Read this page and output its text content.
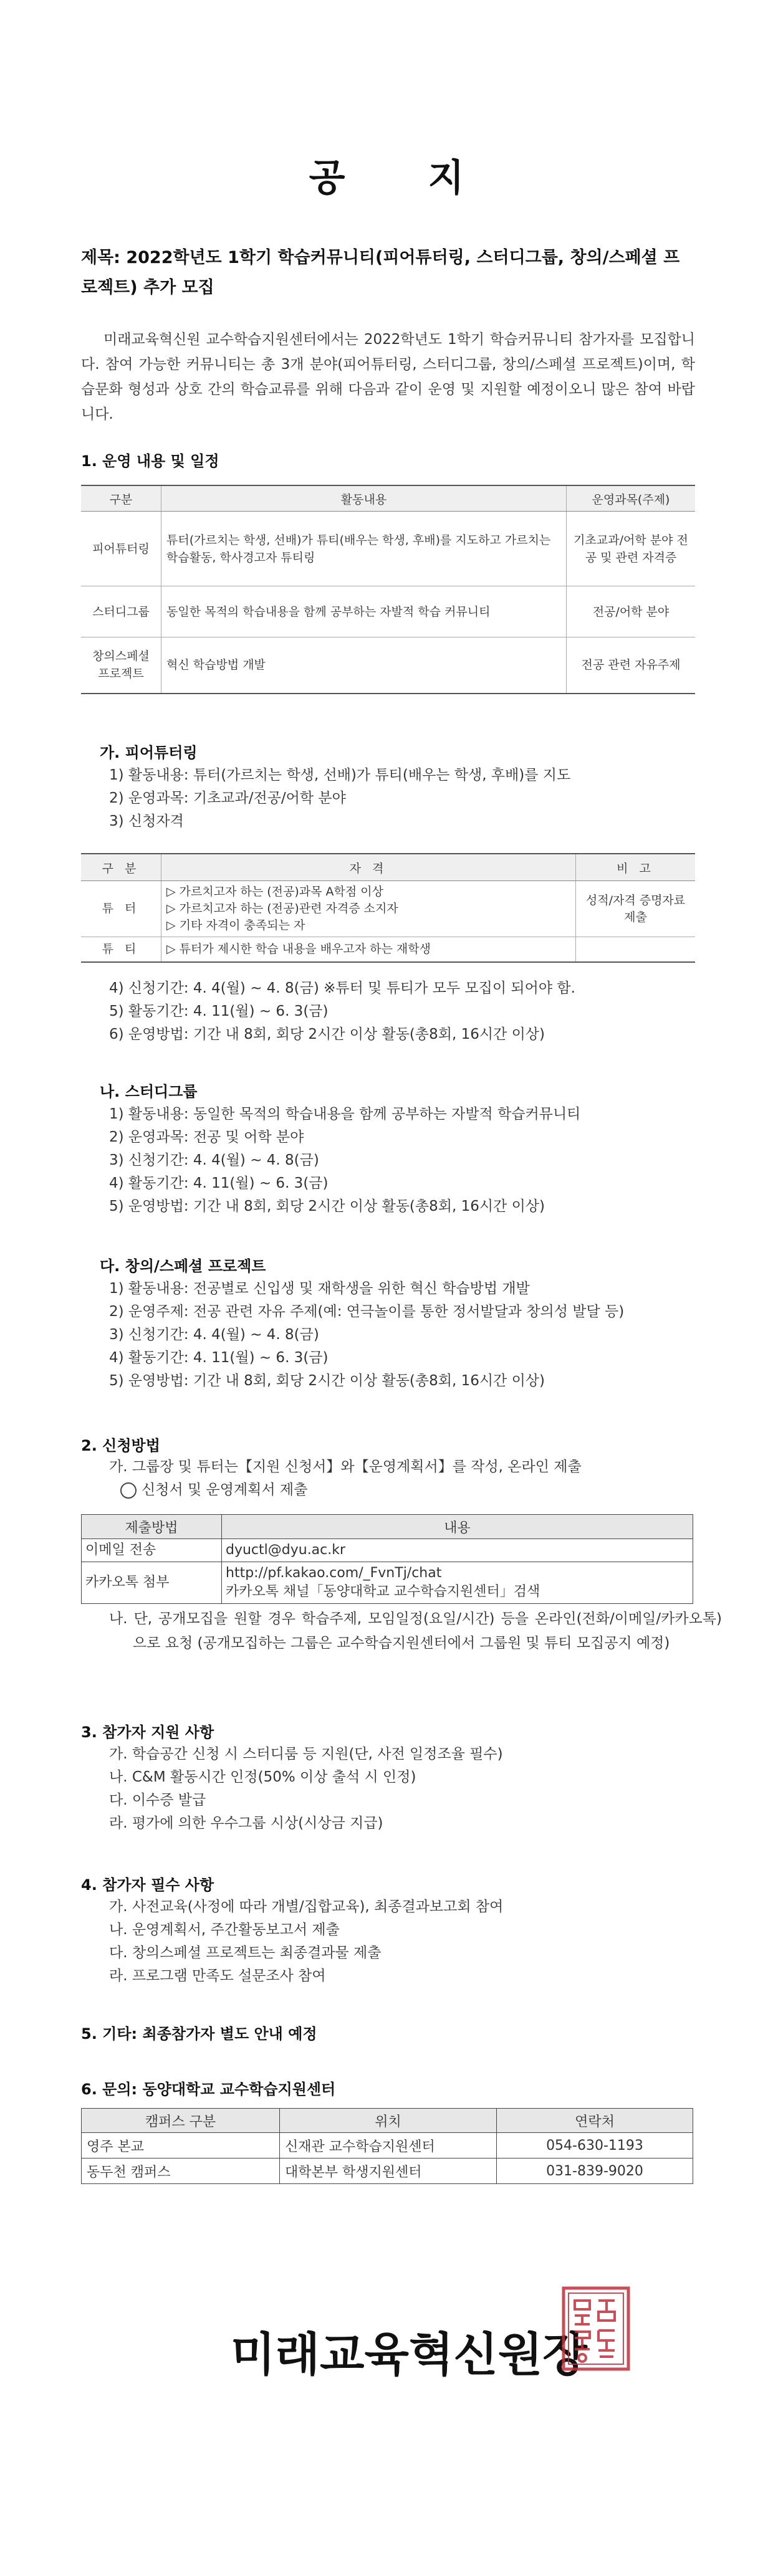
공 지
제목: 2022학년도 1학기 학습커뮤니티(피어튜터링, 스터디그룹, 창의/스페셜 프로젝트) 추가 모집
미래교육혁신원 교수학습지원센터에서는 2022학년도 1학기 학습커뮤니티 참가자를 모집합니다. 참여 가능한 커뮤니티는 총 3개 분야(피어튜터링, 스터디그룹, 창의/스페셜 프로젝트)이며, 학습문화 형성과 상호 간의 학습교류를 위해 다음과 같이 운영 및 지원할 예정이오니 많은 참여 바랍니다.
1. 운영 내용 및 일정
구분	활동내용	운영과목(주제)
피어튜터링	튜터(가르치는 학생, 선배)가 튜티(배우는 학생, 후배)를 지도하고 가르치는 학습활동, 학사경고자 튜티링	기초교과/어학 분야 전공 및 관련 자격증
스터디그룹	동일한 목적의 학습내용을 함께 공부하는 자발적 학습 커뮤니티	전공/어학 분야
창의스페셜 프로젝트	혁신 학습방법 개발	전공 관련 자유주제
가. 피어튜터링
1) 활동내용: 튜터(가르치는 학생, 선배)가 튜티(배우는 학생, 후배)를 지도
2) 운영과목: 기초교과/전공/어학 분야
3) 신청자격
구 분	자 격	비 고
튜 터	▷ 가르치고자 하는 (전공)과목 A학점 이상
▷ 가르치고자 하는 (전공)관련 자격증 소지자
▷ 기타 자격이 충족되는 자	성적/자격 증명자료 제출
튜 티	▷ 튜터가 제시한 학습 내용을 배우고자 하는 재학생	
4) 신청기간: 4. 4(월) ~ 4. 8(금) ※튜터 및 튜티가 모두 모집이 되어야 함.
5) 활동기간: 4. 11(월) ~ 6. 3(금)
6) 운영방법: 기간 내 8회, 회당 2시간 이상 활동(총8회, 16시간 이상)
나. 스터디그룹
1) 활동내용: 동일한 목적의 학습내용을 함께 공부하는 자발적 학습커뮤니티
2) 운영과목: 전공 및 어학 분야
3) 신청기간: 4. 4(월) ~ 4. 8(금)
4) 활동기간: 4. 11(월) ~ 6. 3(금)
5) 운영방법: 기간 내 8회, 회당 2시간 이상 활동(총8회, 16시간 이상)
다. 창의/스페셜 프로젝트
1) 활동내용: 전공별로 신입생 및 재학생을 위한 혁신 학습방법 개발
2) 운영주제: 전공 관련 자유 주제(예: 연극놀이를 통한 정서발달과 창의성 발달 등)
3) 신청기간: 4. 4(월) ~ 4. 8(금)
4) 활동기간: 4. 11(월) ~ 6. 3(금)
5) 운영방법: 기간 내 8회, 회당 2시간 이상 활동(총8회, 16시간 이상)
2. 신청방법
가. 그룹장 및 튜터는【지원 신청서】와【운영계획서】를 작성, 온라인 제출
신청서 및 운영계획서 제출
제출방법	내용
이메일 전송	dyuctl@dyu.ac.kr
카카오톡 첨부	http://pf.kakao.com/_FvnTj/chat
카카오톡 채널「동양대학교 교수학습지원센터」검색
나. 단, 공개모집을 원할 경우 학습주제, 모임일정(요일/시간) 등을 온라인(전화/이메일/카카오톡)으로 요청 (공개모집하는 그룹은 교수학습지원센터에서 그룹원 및 튜티 모집공지 예정)
3. 참가자 지원 사항
가. 학습공간 신청 시 스터디룸 등 지원(단, 사전 일정조율 필수)
나. C&M 활동시간 인정(50% 이상 출석 시 인정)
다. 이수증 발급
라. 평가에 의한 우수그룹 시상(시상금 지급)
4. 참가자 필수 사항
가. 사전교육(사정에 따라 개별/집합교육), 최종결과보고회 참여
나. 운영계획서, 주간활동보고서 제출
다. 창의스페셜 프로젝트는 최종결과물 제출
라. 프로그램 만족도 설문조사 참여
5. 기타: 최종참가자 별도 안내 예정
6. 문의: 동양대학교 교수학습지원센터
캠퍼스 구분	위치	연락처
영주 본교	신재관 교수학습지원센터	054-630-1193
동두천 캠퍼스	대학본부 학생지원센터	031-839-9020
미래교육혁신원장
